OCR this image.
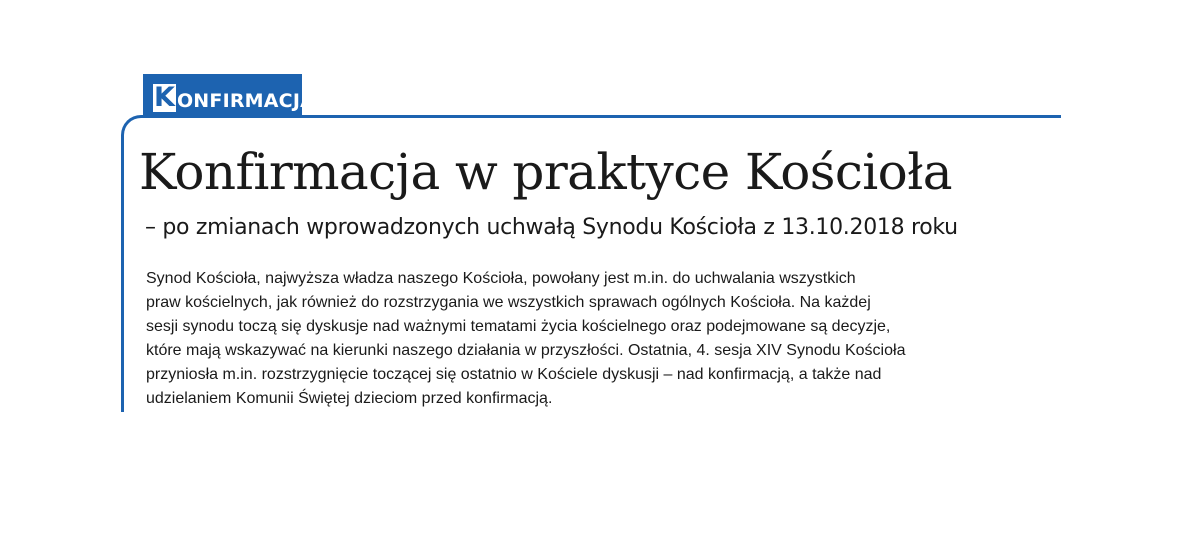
K ONFIRMACJA
Konfirmacja w praktyce Kościoła
– po zmianach wprowadzonych uchwałą Synodu Kościoła z 13.10.2018 roku
Synod Kościoła, najwyższa władza naszego Kościoła, powołany jest m.in. do uchwalania wszystkich
praw kościelnych, jak również do rozstrzygania we wszystkich sprawach ogólnych Kościoła. Na każdej
sesji synodu toczą się dyskusje nad ważnymi tematami życia kościelnego oraz podejmowane są decyzje,
które mają wskazywać na kierunki naszego działania w przyszłości. Ostatnia, 4. sesja XIV Synodu Kościoła
przyniosła m.in. rozstrzygnięcie toczącej się ostatnio w Kościele dyskusji – nad konfirmacją, a także nad
udzielaniem Komunii Świętej dzieciom przed konfirmacją.
